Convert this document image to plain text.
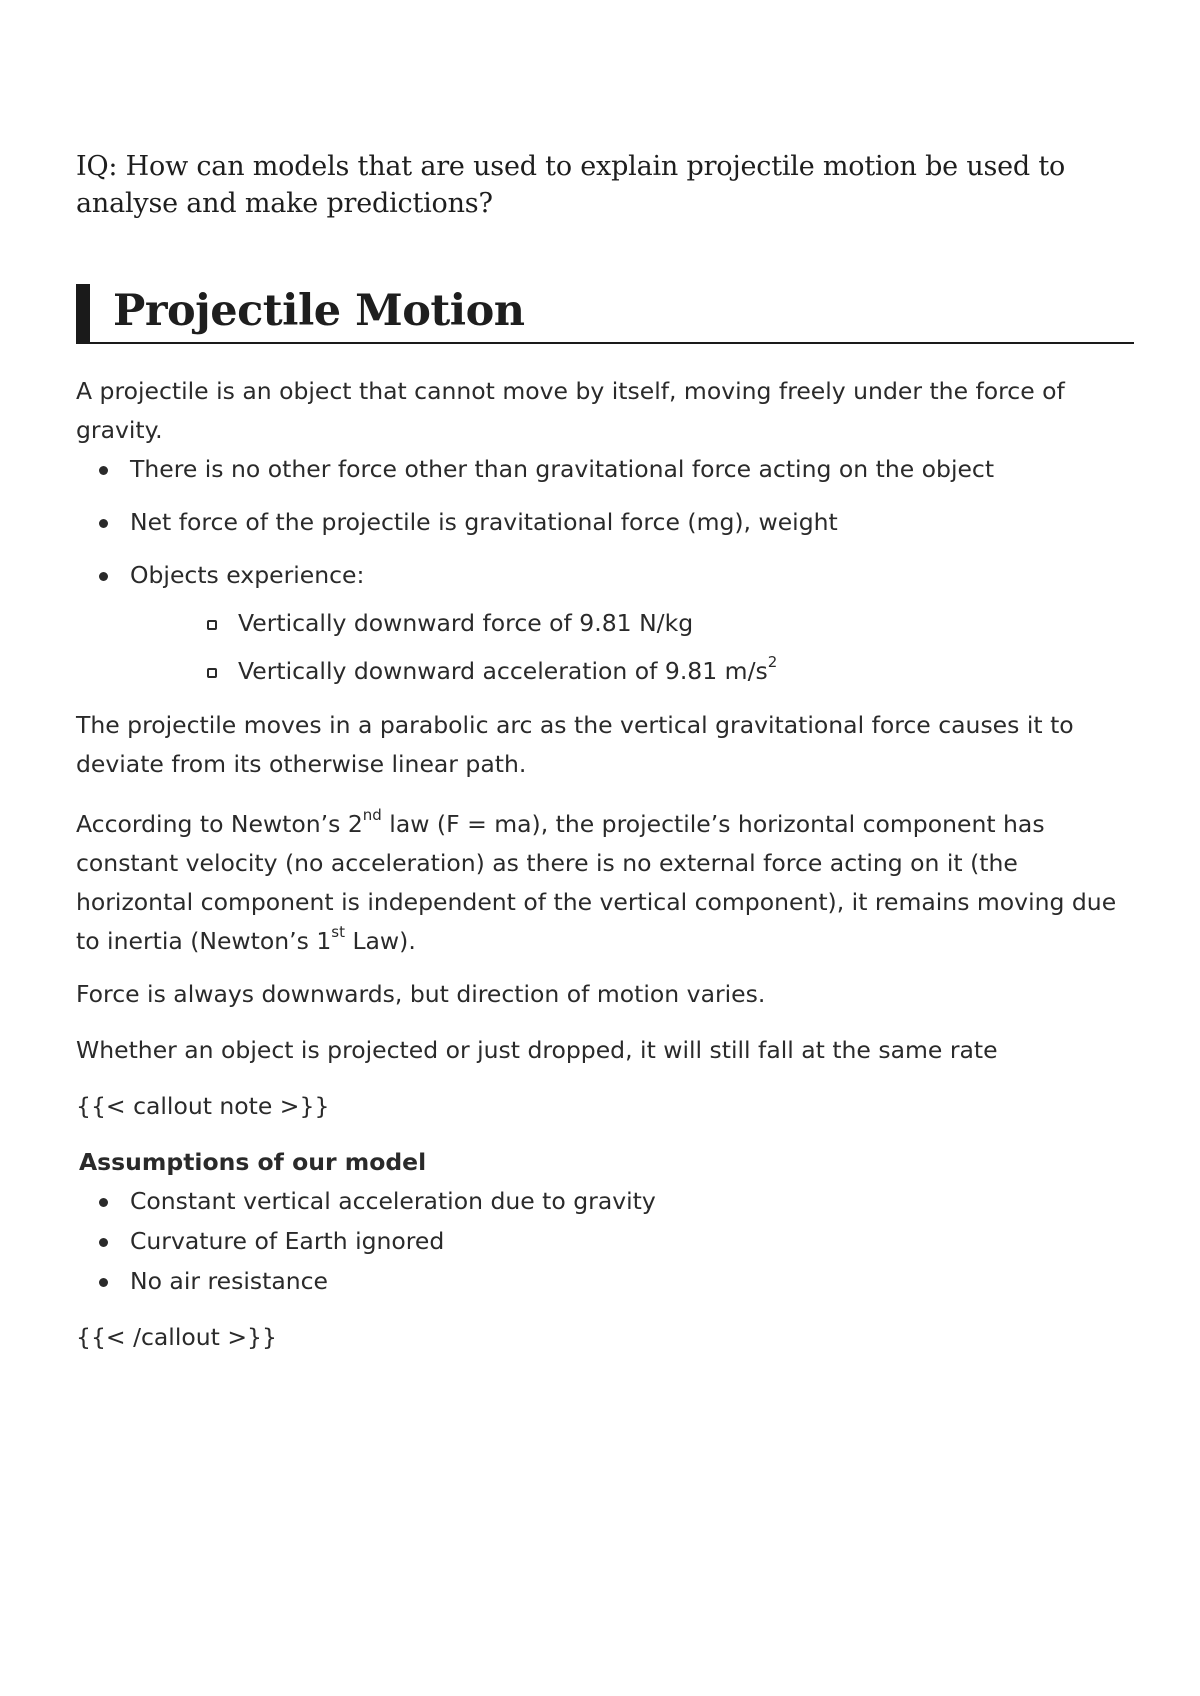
IQ: How can models that are used to explain projectile motion be used to analyse and make predictions?

Projectile Motion

A projectile is an object that cannot move by itself, moving freely under the force of gravity.

There is no other force other than gravitational force acting on the object
Net force of the projectile is gravitational force (mg), weight
Objects experience:
Vertically downward force of 9.81 N/kg
Vertically downward acceleration of 9.81 $m/s^2$

The projectile moves in a parabolic arc as the vertical gravitational force causes it to deviate from its otherwise linear path.

According to Newton’s 2nd law (F = ma), the projectile’s horizontal component has constant velocity (no acceleration) as there is no external force acting on it (the horizontal component is independent of the vertical component), it remains moving due to inertia (Newton’s 1st Law).

Force is always downwards, but direction of motion varies.

Whether an object is projected or just dropped, it will still fall at the same rate

{{< callout note >}}

Assumptions of our model

Constant vertical acceleration due to gravity
Curvature of Earth ignored
No air resistance

{{< /callout >}}
